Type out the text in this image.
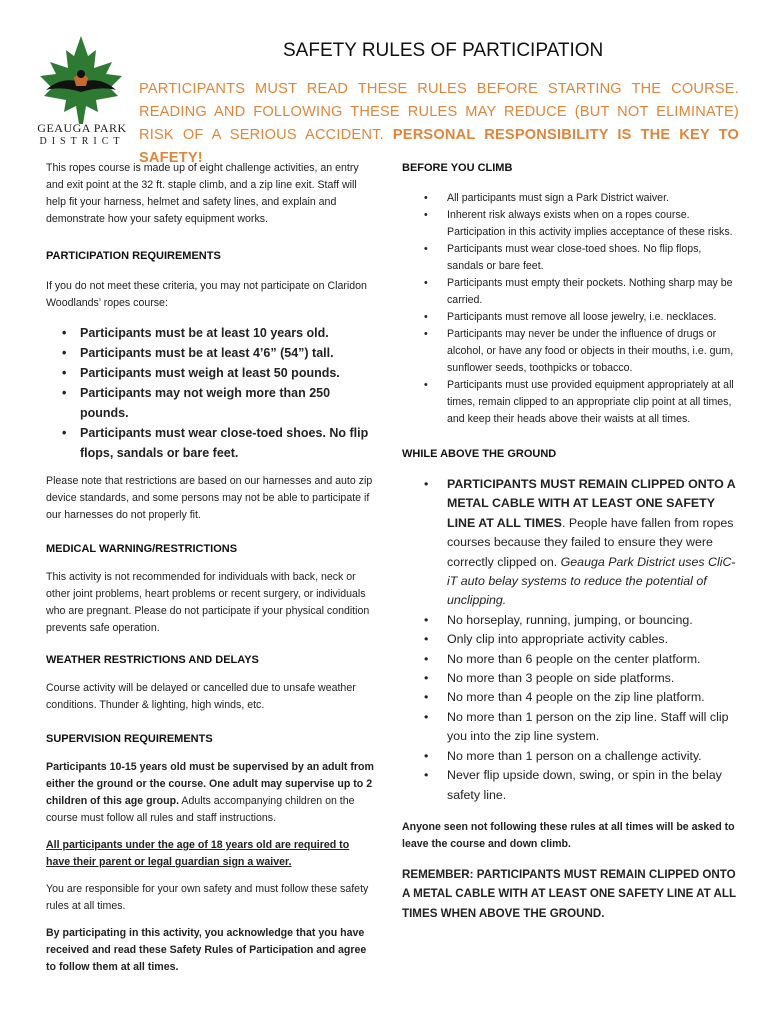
GEAUGA PARK
DISTRICT
SAFETY RULES OF PARTICIPATION
PARTICIPANTS MUST READ THESE RULES BEFORE STARTING THE COURSE. READING AND FOLLOWING THESE RULES MAY REDUCE (BUT NOT ELIMINATE) RISK OF A SERIOUS ACCIDENT. PERSONAL RESPONSIBILITY IS THE KEY TO SAFETY!

This ropes course is made up of eight challenge activities, an entry and exit point at the 32 ft. staple climb, and a zip line exit. Staff will help fit your harness, helmet and safety lines, and explain and demonstrate how your safety equipment works.

PARTICIPATION REQUIREMENTS

If you do not meet these criteria, you may not participate on Claridon Woodlands’ ropes course:

• Participants must be at least 10 years old.
• Participants must be at least 4’6” (54”) tall.
• Participants must weigh at least 50 pounds.
• Participants may not weigh more than 250 pounds.
• Participants must wear close-toed shoes. No flip flops, sandals or bare feet.

Please note that restrictions are based on our harnesses and auto zip device standards, and some persons may not be able to participate if our harnesses do not properly fit.

MEDICAL WARNING/RESTRICTIONS

This activity is not recommended for individuals with back, neck or other joint problems, heart problems or recent surgery, or individuals who are pregnant. Please do not participate if your physical condition prevents safe operation.

WEATHER RESTRICTIONS AND DELAYS

Course activity will be delayed or cancelled due to unsafe weather conditions. Thunder & lighting, high winds, etc.

SUPERVISION REQUIREMENTS

Participants 10-15 years old must be supervised by an adult from either the ground or the course. One adult may supervise up to 2 children of this age group. Adults accompanying children on the course must follow all rules and staff instructions.

All participants under the age of 18 years old are required to have their parent or legal guardian sign a waiver.

You are responsible for your own safety and must follow these safety rules at all times.

By participating in this activity, you acknowledge that you have received and read these Safety Rules of Participation and agree to follow them at all times.

BEFORE YOU CLIMB
• All participants must sign a Park District waiver.
• Inherent risk always exists when on a ropes course. Participation in this activity implies acceptance of these risks.
• Participants must wear close-toed shoes. No flip flops, sandals or bare feet.
• Participants must empty their pockets. Nothing sharp may be carried.
• Participants must remove all loose jewelry, i.e. necklaces.
• Participants may never be under the influence of drugs or alcohol, or have any food or objects in their mouths, i.e. gum, sunflower seeds, toothpicks or tobacco.
• Participants must use provided equipment appropriately at all times, remain clipped to an appropriate clip point at all times, and keep their heads above their waists at all times.
WHILE ABOVE THE GROUND
• PARTICIPANTS MUST REMAIN CLIPPED ONTO A METAL CABLE WITH AT LEAST ONE SAFETY LINE AT ALL TIMES. People have fallen from ropes courses because they failed to ensure they were correctly clipped on. Geauga Park District uses CliC-iT auto belay systems to reduce the potential of unclipping.
• No horseplay, running, jumping, or bouncing.
• Only clip into appropriate activity cables.
• No more than 6 people on the center platform.
• No more than 3 people on side platforms.
• No more than 4 people on the zip line platform.
• No more than 1 person on the zip line. Staff will clip you into the zip line system.
• No more than 1 person on a challenge activity.
• Never flip upside down, swing, or spin in the belay safety line.

Anyone seen not following these rules at all times will be asked to leave the course and down climb.

REMEMBER: PARTICIPANTS MUST REMAIN CLIPPED ONTO A METAL CABLE WITH AT LEAST ONE SAFETY LINE AT ALL TIMES WHEN ABOVE THE GROUND.
